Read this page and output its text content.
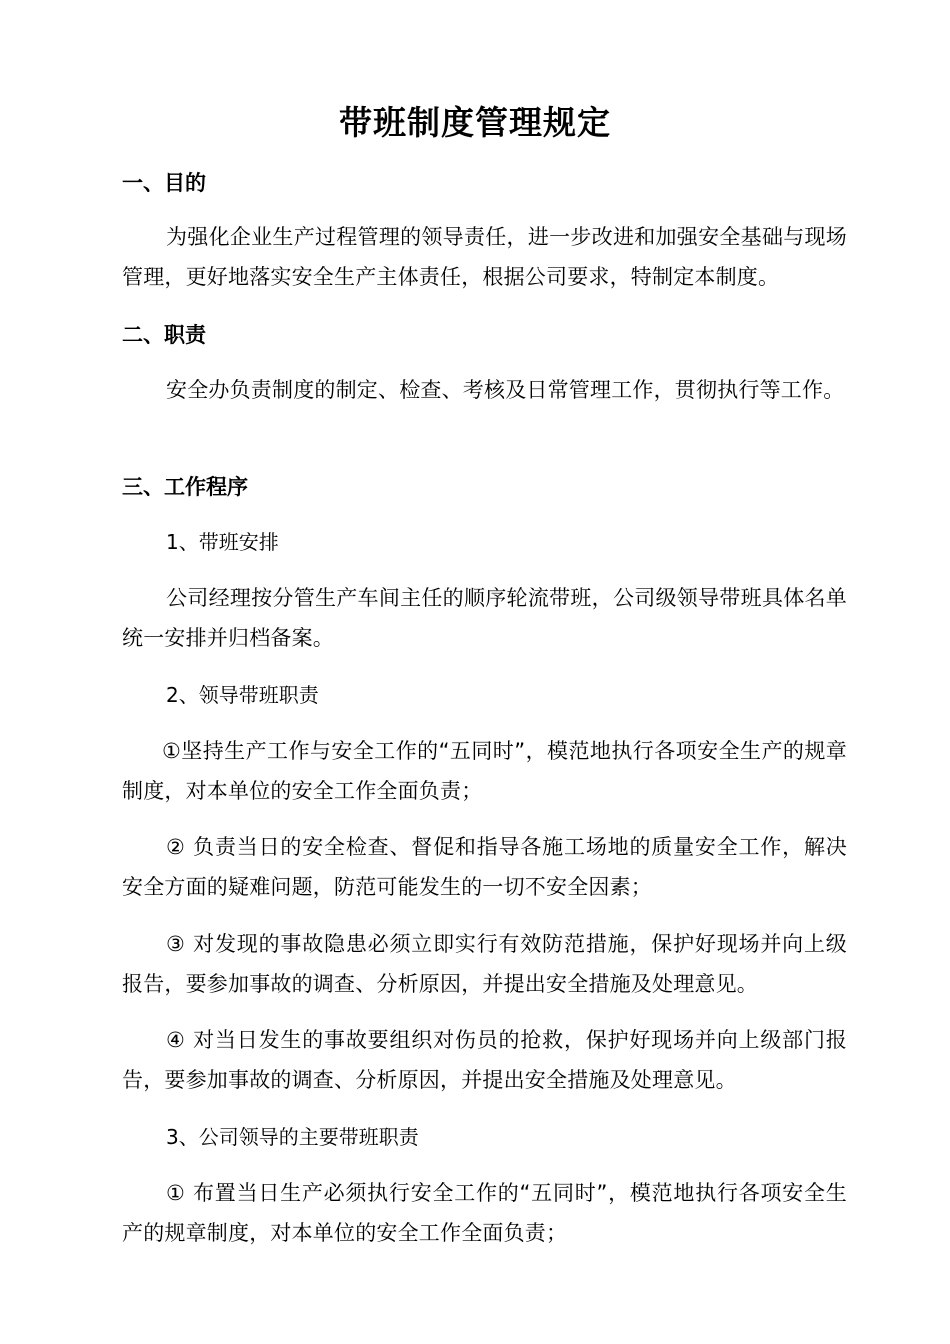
带班制度管理规定
一、目的
为强化企业生产过程管理的领导责任，进一步改进和加强安全基础与现场管理，更好地落实安全生产主体责任，根据公司要求，特制定本制度。
二、职责
安全办负责制度的制定、检查、考核及日常管理工作，贯彻执行等工作。
三、工作程序
1、带班安排
公司经理按分管生产车间主任的顺序轮流带班，公司级领导带班具体名单统一安排并归档备案。
2、领导带班职责
①坚持生产工作与安全工作的“五同时”，模范地执行各项安全生产的规章制度，对本单位的安全工作全面负责；
② 负责当日的安全检查、督促和指导各施工场地的质量安全工作，解决安全方面的疑难问题，防范可能发生的一切不安全因素；
③ 对发现的事故隐患必须立即实行有效防范措施，保护好现场并向上级报告，要参加事故的调查、分析原因，并提出安全措施及处理意见。
④ 对当日发生的事故要组织对伤员的抢救，保护好现场并向上级部门报告，要参加事故的调查、分析原因，并提出安全措施及处理意见。
3、公司领导的主要带班职责
① 布置当日生产必须执行安全工作的“五同时”，模范地执行各项安全生产的规章制度，对本单位的安全工作全面负责；
